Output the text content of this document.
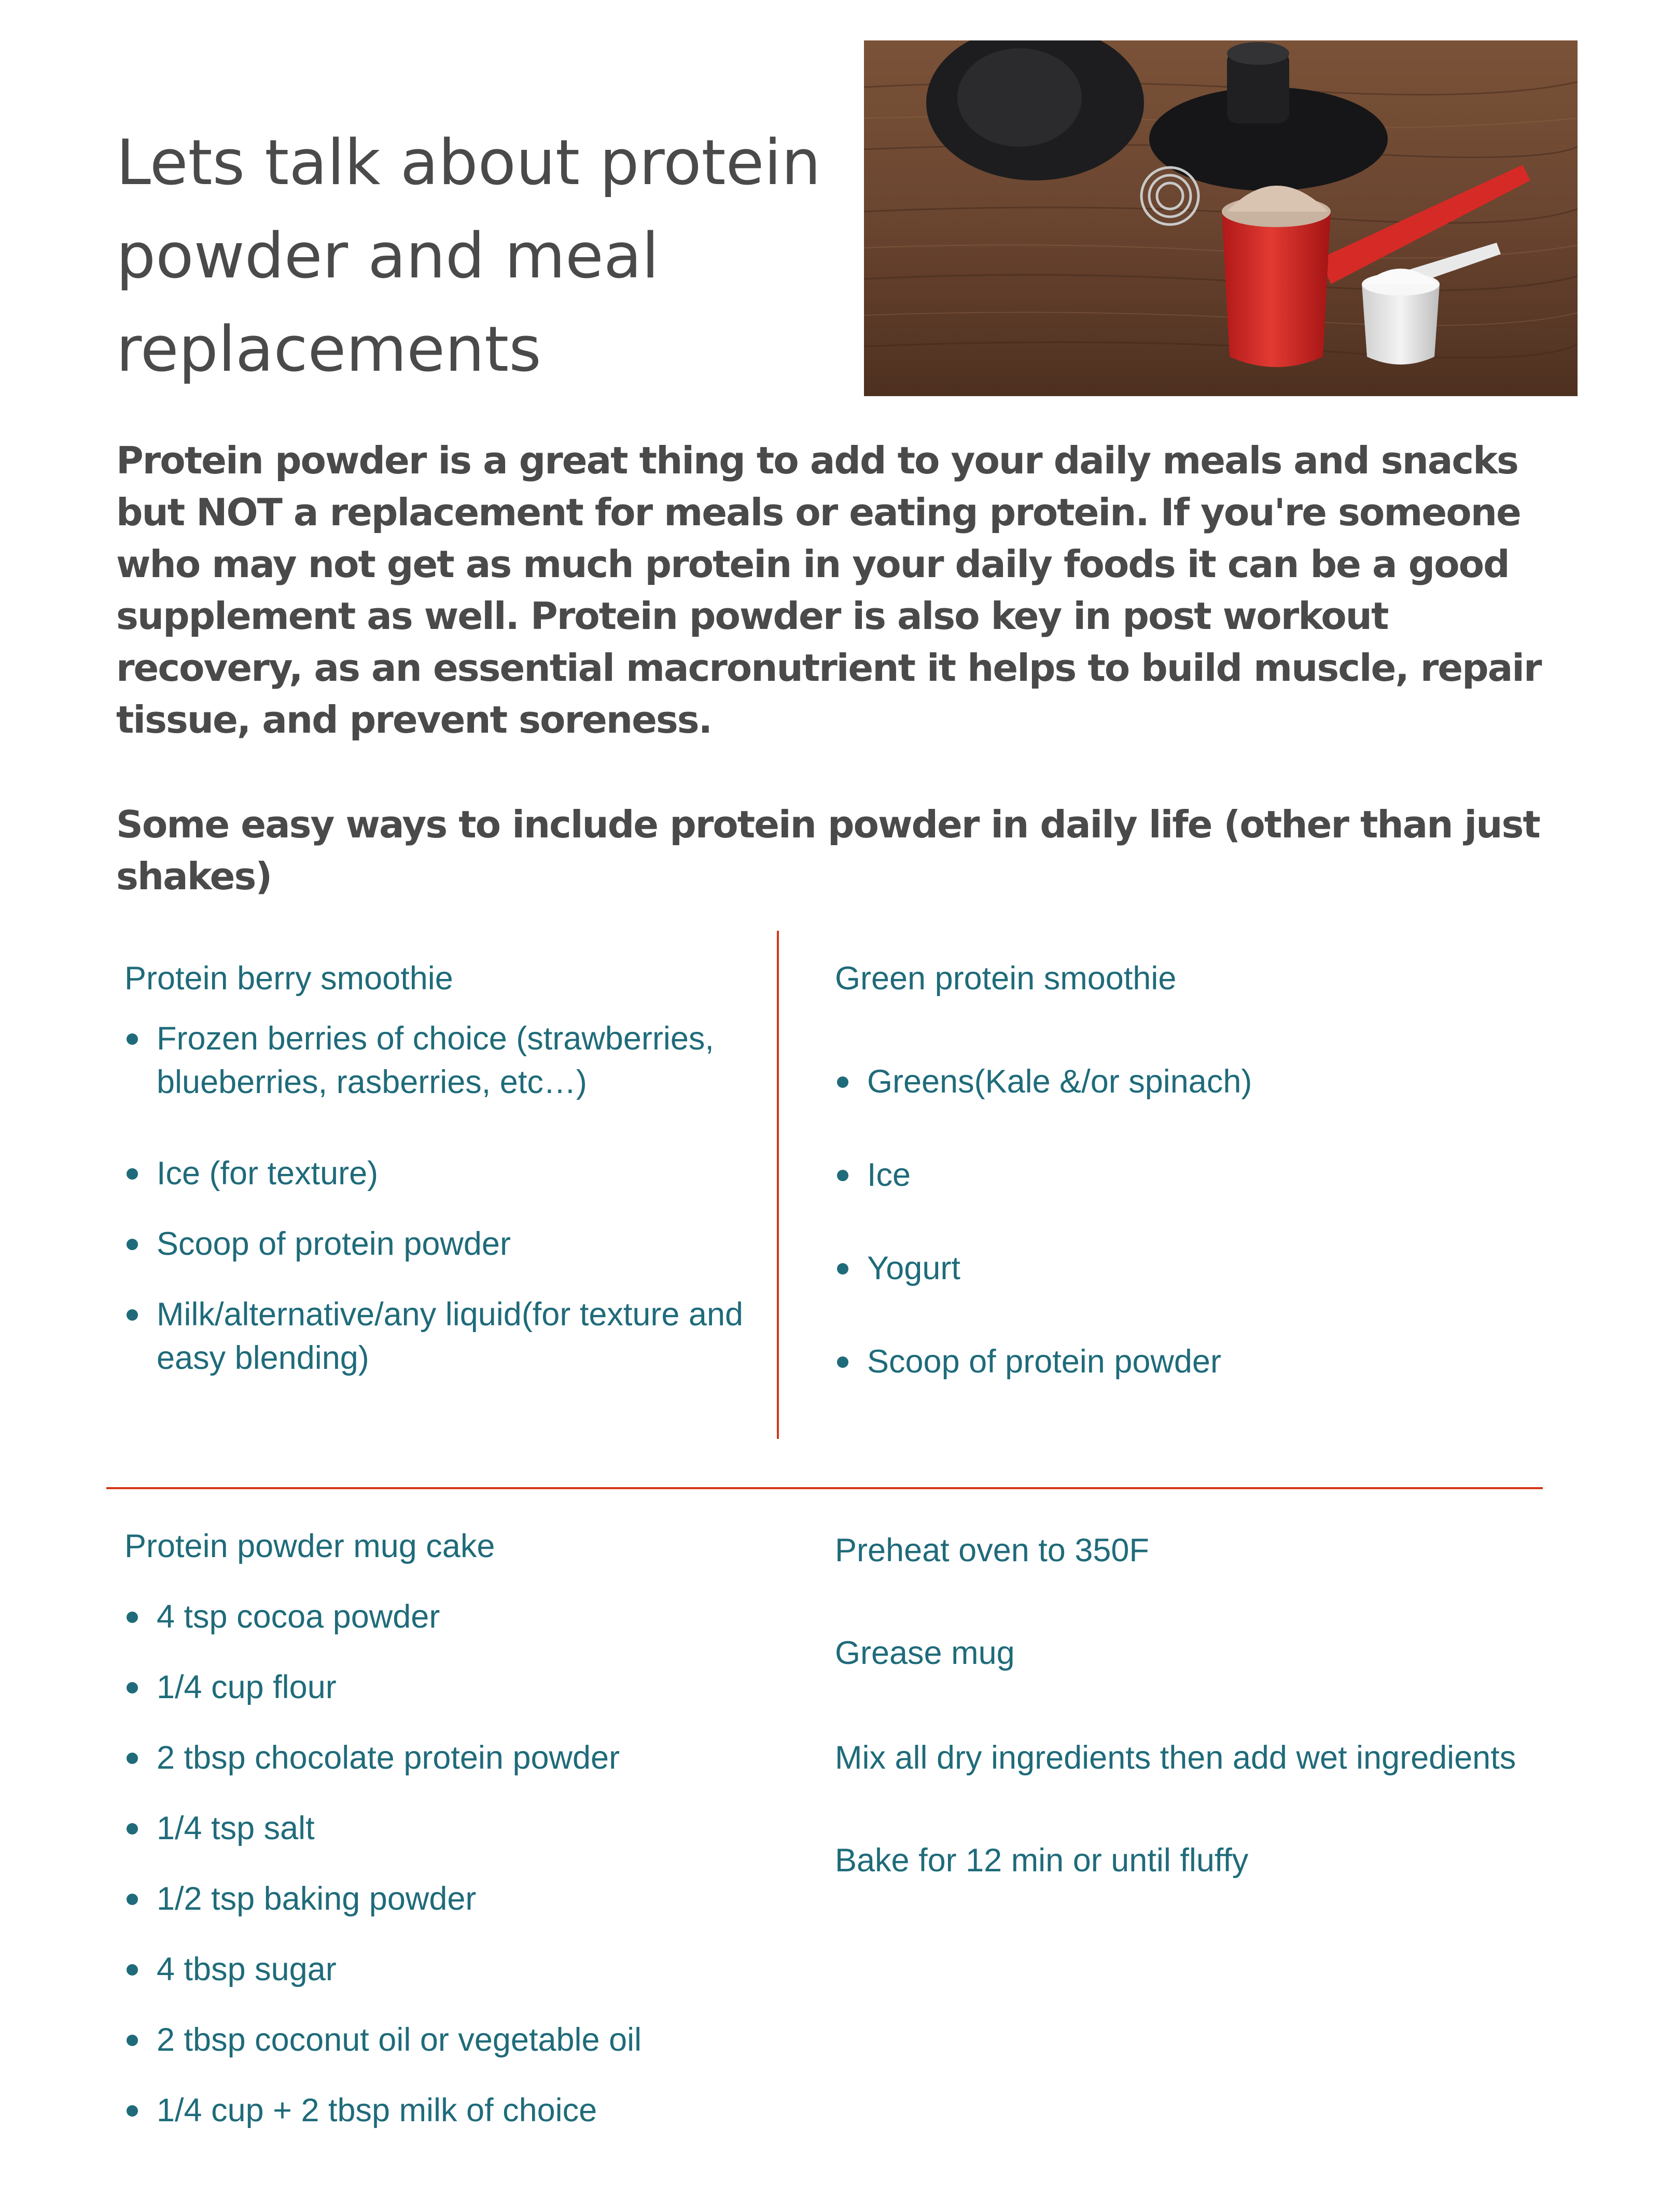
Lets talk about protein powder and meal replacements

Protein powder is a great thing to add to your daily meals and snacks but NOT a replacement for meals or eating protein. If you're someone who may not get as much protein in your daily foods it can be a good supplement as well. Protein powder is also key in post workout recovery, as an essential macronutrient it helps to build muscle, repair tissue, and prevent soreness.

Some easy ways to include protein powder in daily life (other than just shakes)

Protein berry smoothie

Frozen berries of choice (strawberries, blueberries, rasberries, etc…)
Ice (for texture)
Scoop of protein powder
Milk/alternative/any liquid(for texture and easy blending)

Green protein smoothie

Greens(Kale &/or spinach)
Ice
Yogurt
Scoop of protein powder

Protein powder mug cake

4 tsp cocoa powder
1/4 cup flour
2 tbsp chocolate protein powder
1/4 tsp salt
1/2 tsp baking powder
4 tbsp sugar
2 tbsp coconut oil or vegetable oil
1/4 cup + 2 tbsp milk of choice

Preheat oven to 350F

Grease mug

Mix all dry ingredients then add wet ingredients

Bake for 12 min or until fluffy
